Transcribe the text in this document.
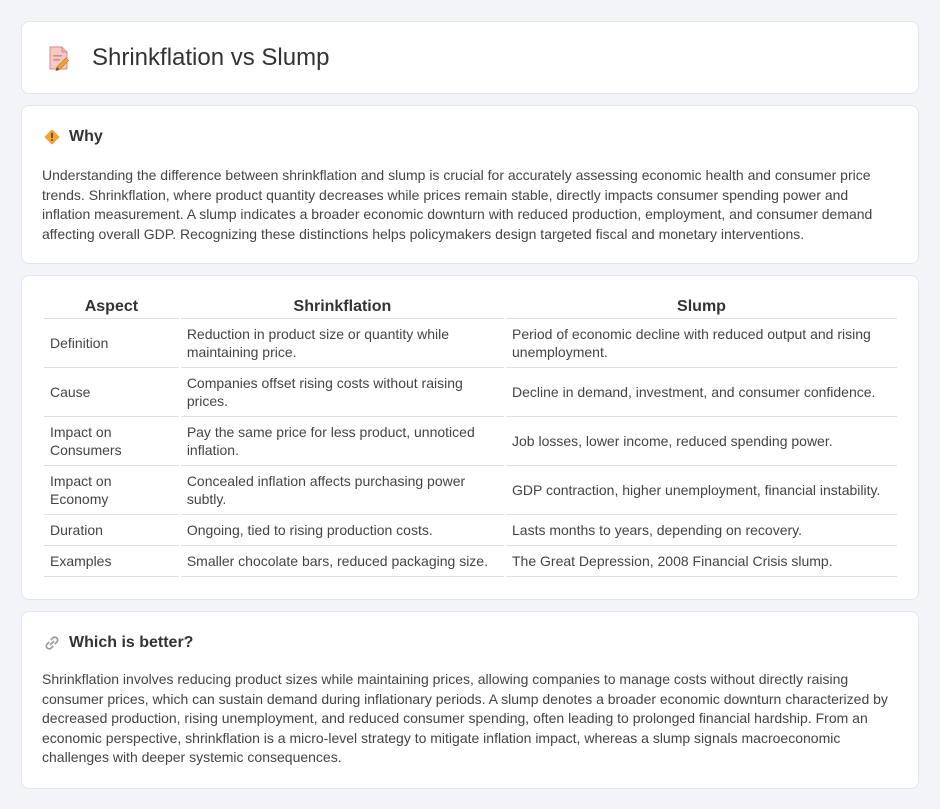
Shrinkflation vs Slump
Why

Understanding the difference between shrinkflation and slump is crucial for accurately assessing economic health and consumer price trends. Shrinkflation, where product quantity decreases while prices remain stable, directly impacts consumer spending power and inflation measurement. A slump indicates a broader economic downturn with reduced production, employment, and consumer demand affecting overall GDP. Recognizing these distinctions helps policymakers design targeted fiscal and monetary interventions.

Aspect	Shrinkflation	Slump
Definition	Reduction in product size or quantity while maintaining price.	Period of economic decline with reduced output and rising unemployment.
Cause	Companies offset rising costs without raising prices.	Decline in demand, investment, and consumer confidence.
Impact on Consumers	Pay the same price for less product, unnoticed inflation.	Job losses, lower income, reduced spending power.
Impact on Economy	Concealed inflation affects purchasing power subtly.	GDP contraction, higher unemployment, financial instability.
Duration	Ongoing, tied to rising production costs.	Lasts months to years, depending on recovery.
Examples	Smaller chocolate bars, reduced packaging size.	The Great Depression, 2008 Financial Crisis slump.
Which is better?

Shrinkflation involves reducing product sizes while maintaining prices, allowing companies to manage costs without directly raising consumer prices, which can sustain demand during inflationary periods. A slump denotes a broader economic downturn characterized by decreased production, rising unemployment, and reduced consumer spending, often leading to prolonged financial hardship. From an economic perspective, shrinkflation is a micro-level strategy to mitigate inflation impact, whereas a slump signals macroeconomic challenges with deeper systemic consequences.
